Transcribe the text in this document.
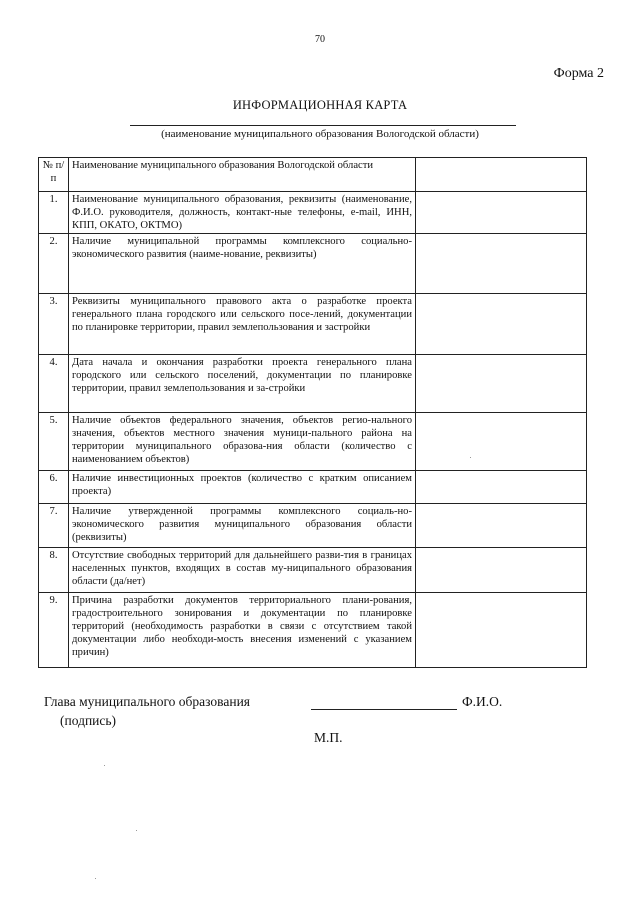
70
Форма 2
ИНФОРМАЦИОННАЯ КАРТА
(наименование муниципального образования Вологодской области)
№ п/п	Наименование муниципального образования Вологодской области	
1.	Наименование муниципального образования, реквизиты (наименование, Ф.И.О. руководителя, должность, контакт-ные телефоны, e-mail, ИНН, КПП, ОКАТО, ОКТМО)	
2.	Наличие муниципальной программы комплексного социально-экономического развития (наиме-нование, реквизиты)	
3.	Реквизиты муниципального правового акта о разработке проекта генерального плана городского или сельского посе-лений, документации по планировке территории, правил землепользования и застройки	
4.	Дата начала и окончания разработки проекта генерального плана городского или сельского поселений, документации по планировке территории, правил землепользования и за-стройки	
5.	Наличие объектов федерального значения, объектов регио-нального значения, объектов местного значения муници-пального района на территории муниципального образова-ния области (количество с наименованием объектов)	
6.	Наличие инвестиционных проектов (количество с кратким описанием проекта)	
7.	Наличие утвержденной программы комплексного социаль-но-экономического развития муниципального образования области (реквизиты)	
8.	Отсутствие свободных территорий для дальнейшего разви-тия в границах населенных пунктов, входящих в состав му-ниципального образования области (да/нет)	
9.	Причина разработки документов территориального плани-рования, градостроительного зонирования и документации по планировке территорий (необходимость разработки в связи с отсутствием такой документации либо необходи-мость внесения изменений с указанием причин)	
Глава муниципального образования	Ф.И.О.
(подпись)
М.П.
